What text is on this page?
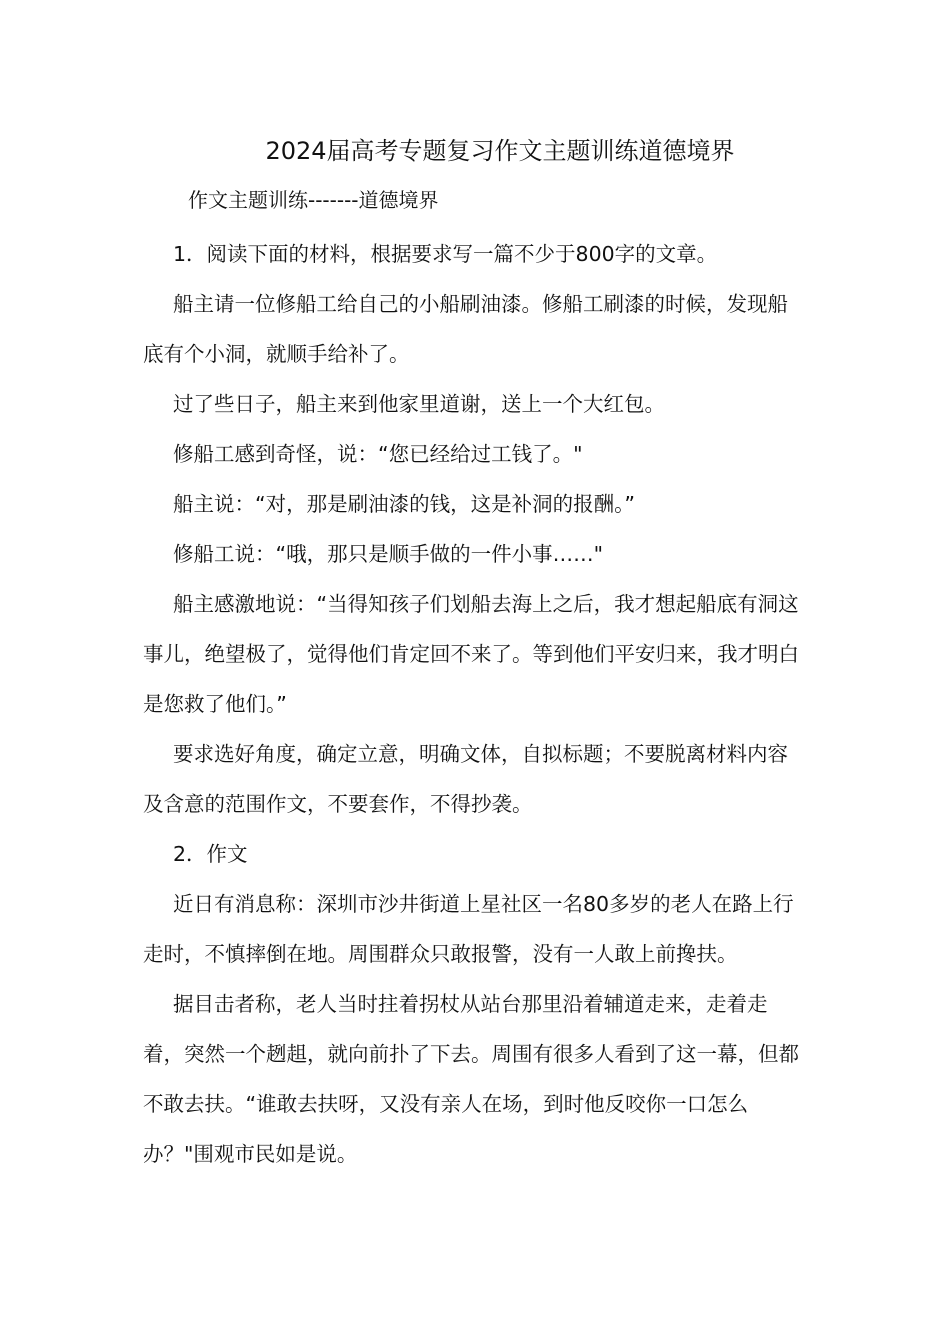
2024届高考专题复习作文主题训练道德境界
作文主题训练-------道德境界

1．阅读下面的材料，根据要求写一篇不少于800字的文章。

船主请一位修船工给自己的小船刷油漆。修船工刷漆的时候，发现船底有个小洞，就顺手给补了。

过了些日子，船主来到他家里道谢，送上一个大红包。

修船工感到奇怪，说：“您已经给过工钱了。"

船主说：“对，那是刷油漆的钱，这是补洞的报酬。”

修船工说：“哦，那只是顺手做的一件小事……"

船主感激地说：“当得知孩子们划船去海上之后，我才想起船底有洞这事儿，绝望极了，觉得他们肯定回不来了。等到他们平安归来，我才明白是您救了他们。”

要求选好角度，确定立意，明确文体，自拟标题；不要脱离材料内容及含意的范围作文，不要套作，不得抄袭。

2．作文

近日有消息称：深圳市沙井街道上星社区一名80多岁的老人在路上行走时，不慎摔倒在地。周围群众只敢报警，没有一人敢上前搀扶。

据目击者称，老人当时拄着拐杖从站台那里沿着辅道走来，走着走着，突然一个趔趄，就向前扑了下去。周围有很多人看到了这一幕，但都不敢去扶。“谁敢去扶呀，又没有亲人在场，到时他反咬你一口怎么办？"围观市民如是说。
